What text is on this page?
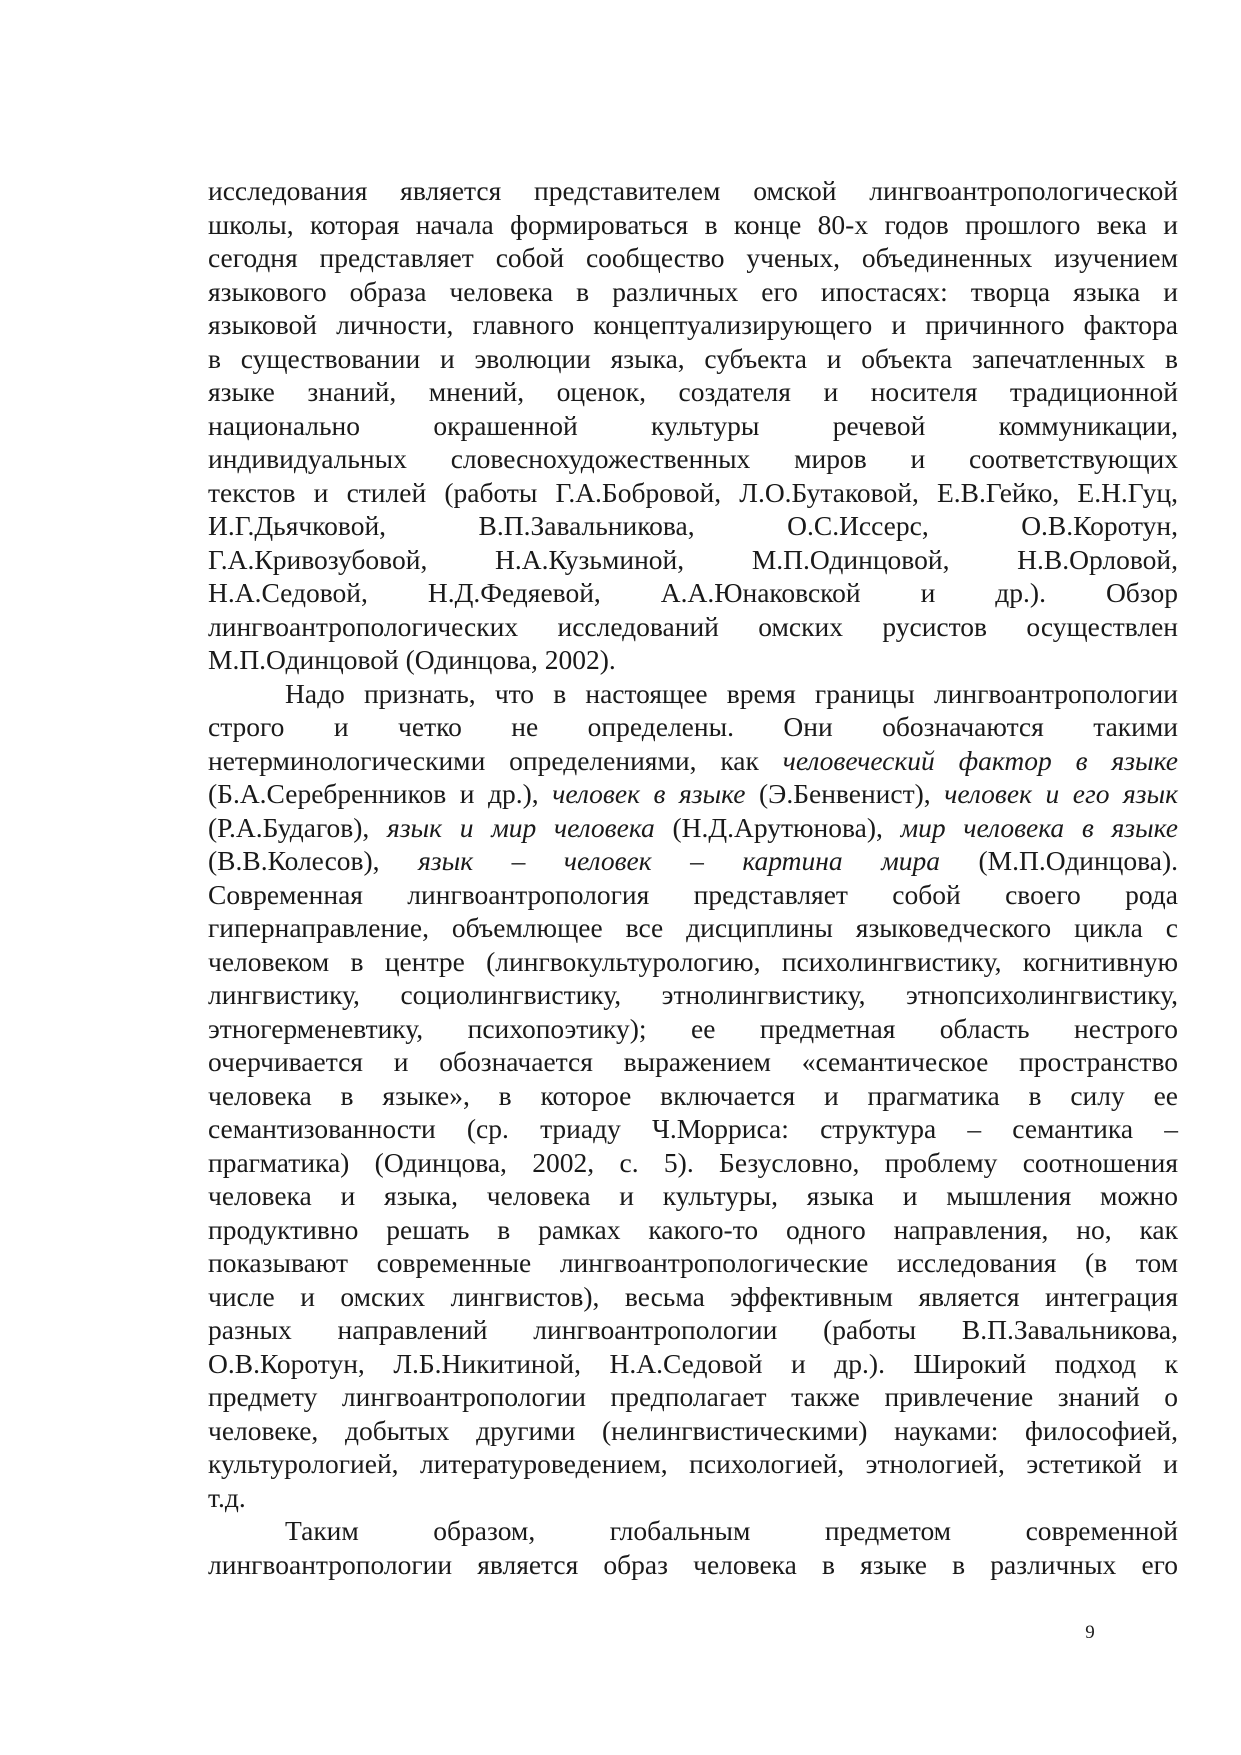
исследования является представителем омской лингвоантропологической
школы, которая начала формироваться в конце 80-х годов прошлого века и
сегодня представляет собой сообщество ученых, объединенных изучением
языкового образа человека в различных его ипостасях: творца языка и
языковой личности, главного концептуализирующего и причинного фактора
в существовании и эволюции языка, субъекта и объекта запечатленных в
языке знаний, мнений, оценок, создателя и носителя традиционной
национально окрашенной культуры речевой коммуникации,
индивидуальных словеснохудожественных миров и соответствующих
текстов и стилей (работы Г.А.Бобровой, Л.О.Бутаковой, Е.В.Гейко, Е.Н.Гуц,
И.Г.Дьячковой, В.П.Завальникова, О.С.Иссерс, О.В.Коротун,
Г.А.Кривозубовой, Н.А.Кузьминой, М.П.Одинцовой, Н.В.Орловой,
Н.А.Седовой, Н.Д.Федяевой, А.А.Юнаковской и др.). Обзор
лингвоантропологических исследований омских русистов осуществлен
М.П.Одинцовой (Одинцова, 2002).
Надо признать, что в настоящее время границы лингвоантропологии
строго и четко не определены. Они обозначаются такими
нетерминологическими определениями, как человеческий фактор в языке
(Б.А.Серебренников и др.), человек в языке (Э.Бенвенист), человек и его язык
(Р.А.Будагов), язык и мир человека (Н.Д.Арутюнова), мир человека в языке
(В.В.Колесов), язык – человек – картина мира (М.П.Одинцова).
Современная лингвоантропология представляет собой своего рода
гипернаправление, объемлющее все дисциплины языковедческого цикла с
человеком в центре (лингвокультурологию, психолингвистику, когнитивную
лингвистику, социолингвистику, этнолингвистику, этнопсихолингвистику,
этногерменевтику, психопоэтику); ее предметная область нестрого
очерчивается и обозначается выражением «семантическое пространство
человека в языке», в которое включается и прагматика в силу ее
семантизованности (ср. триаду Ч.Морриса: структура – семантика –
прагматика) (Одинцова, 2002, с. 5). Безусловно, проблему соотношения
человека и языка, человека и культуры, языка и мышления можно
продуктивно решать в рамках какого-то одного направления, но, как
показывают современные лингвоантропологические исследования (в том
числе и омских лингвистов), весьма эффективным является интеграция
разных направлений лингвоантропологии (работы В.П.Завальникова,
О.В.Коротун, Л.Б.Никитиной, Н.А.Седовой и др.). Широкий подход к
предмету лингвоантропологии предполагает также привлечение знаний о
человеке, добытых другими (нелингвистическими) науками: философией,
культурологией, литературоведением, психологией, этнологией, эстетикой и
т.д.
Таким образом, глобальным предметом современной
лингвоантропологии является образ человека в языке в различных его
9
